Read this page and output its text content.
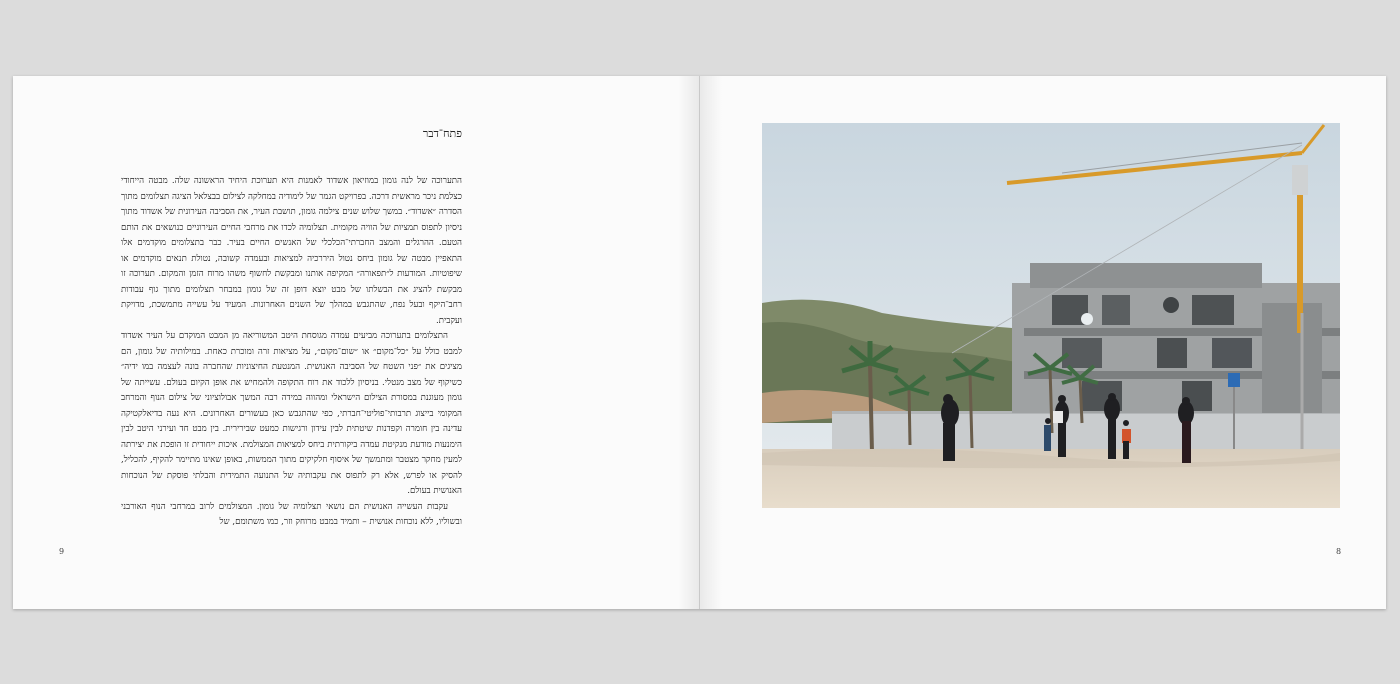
פתח־דבר

התערוכה של לנה גומון במוזיאון אשדוד לאמנות היא תערוכת היחיד הראשונה שלה. מבטה הייחודי כצלמת ניכר מראשית דרכה. בפרויקט הגמר של לימודיה במחלקה לצילום בבצלאל הציגה תצלומים מתוך הסדרה ״אשדוד״. במשך שלוש שנים צילמה גומון, תושבת העיר, את הסביבה העירונית של אשדוד מתוך ניסיון לתפוס תמציות של הוויה מקומית. תצלומיה לכדו את מרחבי החיים העירוניים כנושאים את הותם הטעם. ההרגלים והמצב החברתי־הכלכלי של האנשים החיים בעיר. כבר בתצלומים מוקדמים אלו התאפיין מבטה של גומון ביחס נטול היררכיה למציאות ובעמדה קשובה, נטולת תנאים מוקדמים או שיפוטיות. המודעות ל״תפאורה״ המקיפה אותנו ומבקשת לחשוף משהו מרוח הזמן והמקום. תערוכה זו מבקשת להציג את הבשלתו של מבט יוצא דופן זה של גומון במבחר תצלומים מתוך גוף עבודות רחב־היקף ובעל נפח, שהתגבש במהלך של השנים האחרונות. המעיד על עשייה מתמשכת, מדויקת ועקבית.

התצלומים בתערוכה מביעים עמדה מגוסחת היטב המשוריאה מן המבט המוקדם על העיר אשדוד למבט כולל על ״כל־מקום״ או ״שום־מקום״, על מציאות זרה ומוכרת כאחת. במילותיה של גומון, הם מציגים את ״פני השטח של הסביבה האנושית. המנטעת החיצוניות שהחברה בונה לעצמה במו ידיה״ כשיקוף של מצב מנטלי. בניסיון ללכוד את רוח התקופה ולהמחיש את אופן הקיום בעולם. עשייתה של גומון מעוגנת במסורת הצילום הישראלי ומהווה במידה רבה המשך אבולוציוני של צילום הנוף והמרחב המקומי בייצוג תרבותי־פוליטי־חברתי, כפי שהתגבש כאן בעשורים האחרונים. היא נעה בדיאלקטיקה עדינה בין חומרה וקפדנות שיטתית לבין עידון ורגישות כמעט שבירירית. בין מבט חד ועירני היטב לבין הימנעות מודעת מנקיטת עמדה ביקורתית ביחס למציאות המצולמת. איכות ייחודית זו הופכת את יצירתה למעין מחקר מצטבר ומתמשך של איסוף חלקיקים מתוך הממשות, באופן שאינו מתיימר להקיף, להכליל, להסיק או לפרש, אלא רק לתפוס את עקבותיה של התנועה התמידית והבלתי פוסקת של הנוכחות האנושית בעולם.

עקבות העשייה האנושית הם נושאי תצלומיה של גומון. המצולמים לרוב במרחבי הנוף האורבני ובשוליו, ללא נוכחות אנושית – ותמיד במבט מרוחק וזר, כמו משתומם, של

9	8
